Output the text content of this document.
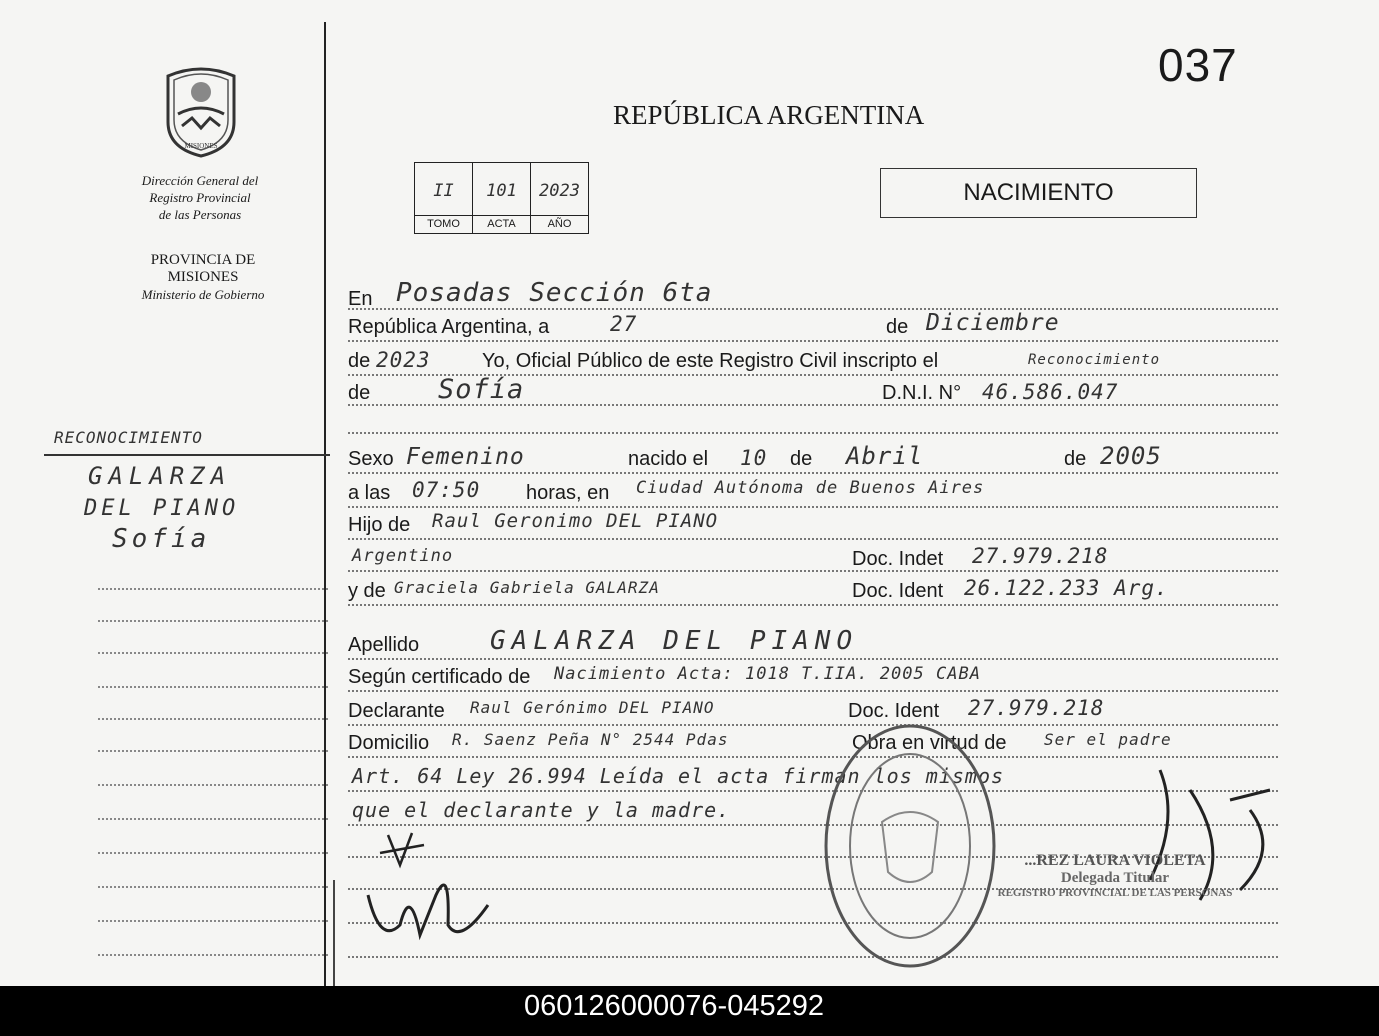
037
REPÚBLICA ARGENTINA
MISIONES
Dirección General del
Registro Provincial
de las Personas
PROVINCIA DE
MISIONES
Ministerio de Gobierno
II
TOMO
101
ACTA
2023
AÑO
NACIMIENTO
En Posadas Sección 6ta
República Argentina, a	27	de Diciembre
de 2023	Yo, Oficial Público de este Registro Civil inscripto el	Reconocimiento
de	Sofía	D.N.I. N° 46.586.047
Sexo Femenino	nacido el 10 de Abril	de 2005
a las 07:50 horas, en Ciudad Autónoma de Buenos Aires
Hijo de Raul Geronimo DEL PIANO
Argentino	Doc. Indet 27.979.218
y de Graciela Gabriela GALARZA	Doc. Ident 26.122.233 Arg.
Apellido	GALARZA DEL PIANO
Según certificado de Nacimiento Acta: 1018 T.IIA. 2005 CABA
Declarante Raul Gerónimo DEL PIANO	Doc. Ident 27.979.218
Domicilio R. Saenz Peña N° 2544 Pdas	Obra en virtud de Ser el padre
Art. 64 Ley 26.994 Leída el acta firman los mismos
que el declarante y la madre.
RECONOCIMIENTO
GALARZA
DEL PIANO
Sofía
...REZ LAURA VIOLETA
Delegada Titular
REGISTRO PROVINCIAL DE LAS PERSONAS
060126000076-045292
